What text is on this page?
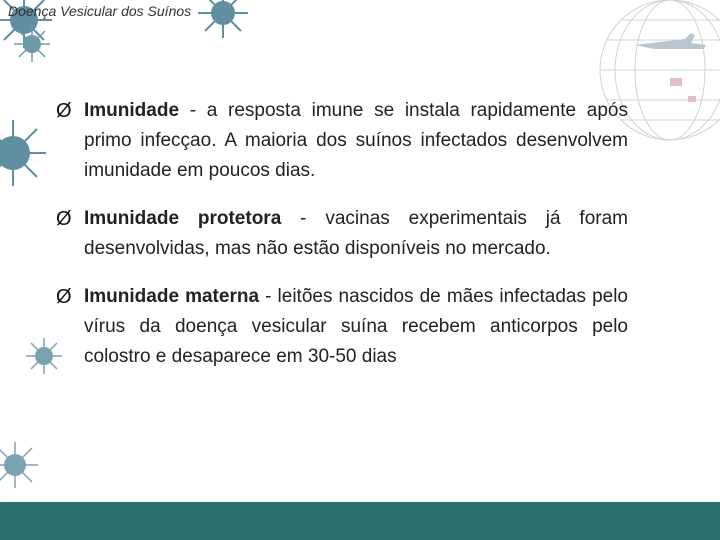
Doença Vesicular dos Suínos
Ø Imunidade - a resposta imune se instala rapidamente após primo infecçao. A maioria dos suínos infectados desenvolvem imunidade em poucos dias.
Ø Imunidade protetora - vacinas experimentais já foram desenvolvidas, mas não estão disponíveis no mercado.
Ø Imunidade materna - leitões nascidos de mães infectadas pelo vírus da doença vesicular suína recebem anticorpos pelo colostro e desaparece em 30-50 dias
